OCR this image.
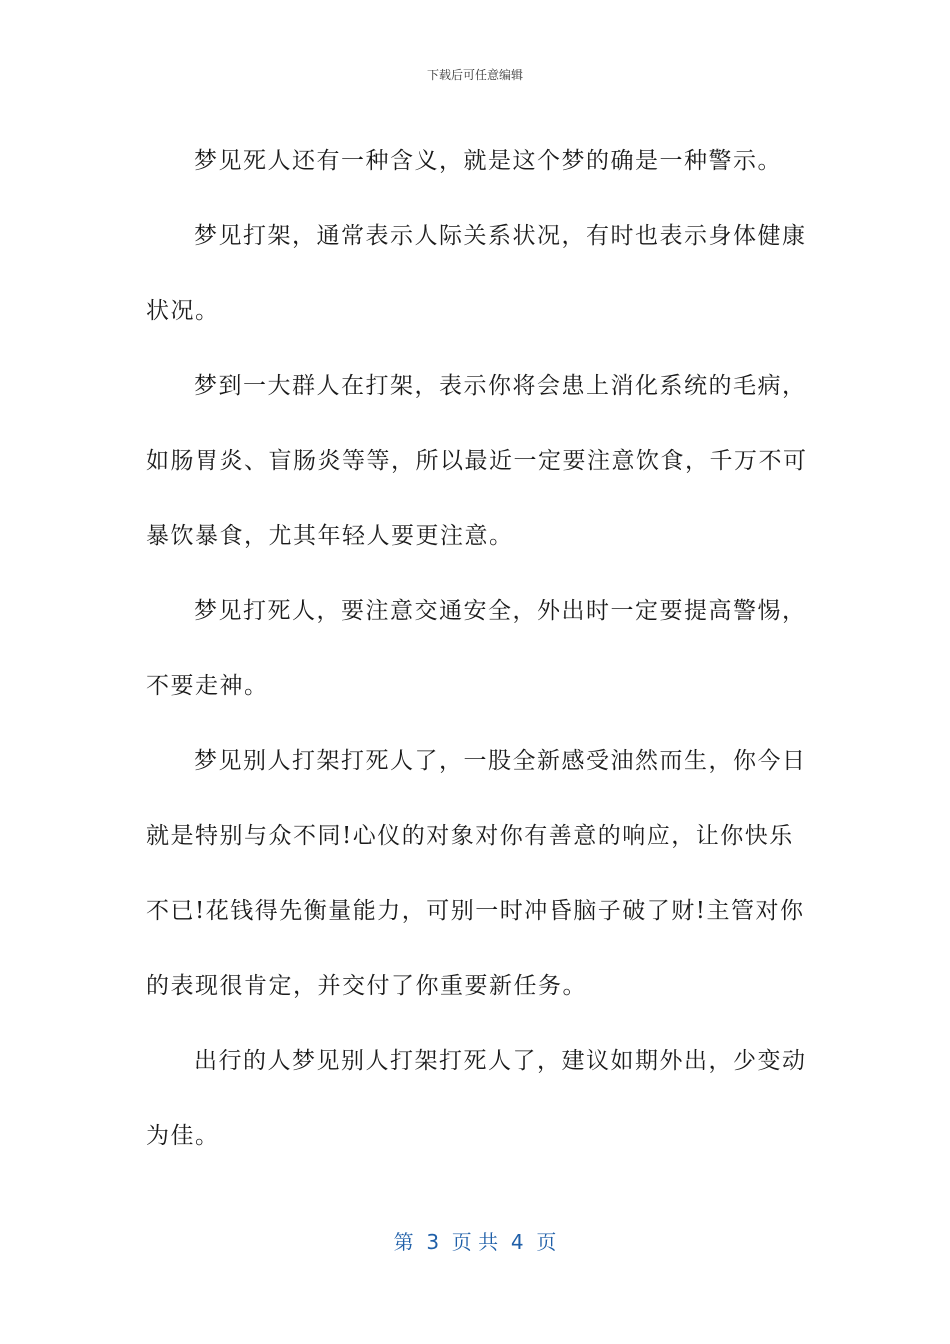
下载后可任意编辑

梦见死人还有一种含义，就是这个梦的确是一种警示。

梦见打架，通常表示人际关系状况，有时也表示身体健康状况。

梦到一大群人在打架，表示你将会患上消化系统的毛病，如肠胃炎、盲肠炎等等，所以最近一定要注意饮食，千万不可暴饮暴食，尤其年轻人要更注意。

梦见打死人，要注意交通安全，外出时一定要提高警惕，不要走神。

梦见别人打架打死人了，一股全新感受油然而生，你今日就是特别与众不同!心仪的对象对你有善意的响应，让你快乐不已!花钱得先衡量能力，可别一时冲昏脑子破了财!主管对你的表现很肯定，并交付了你重要新任务。

出行的人梦见别人打架打死人了，建议如期外出，少变动为佳。

第  3  页 共  4  页
